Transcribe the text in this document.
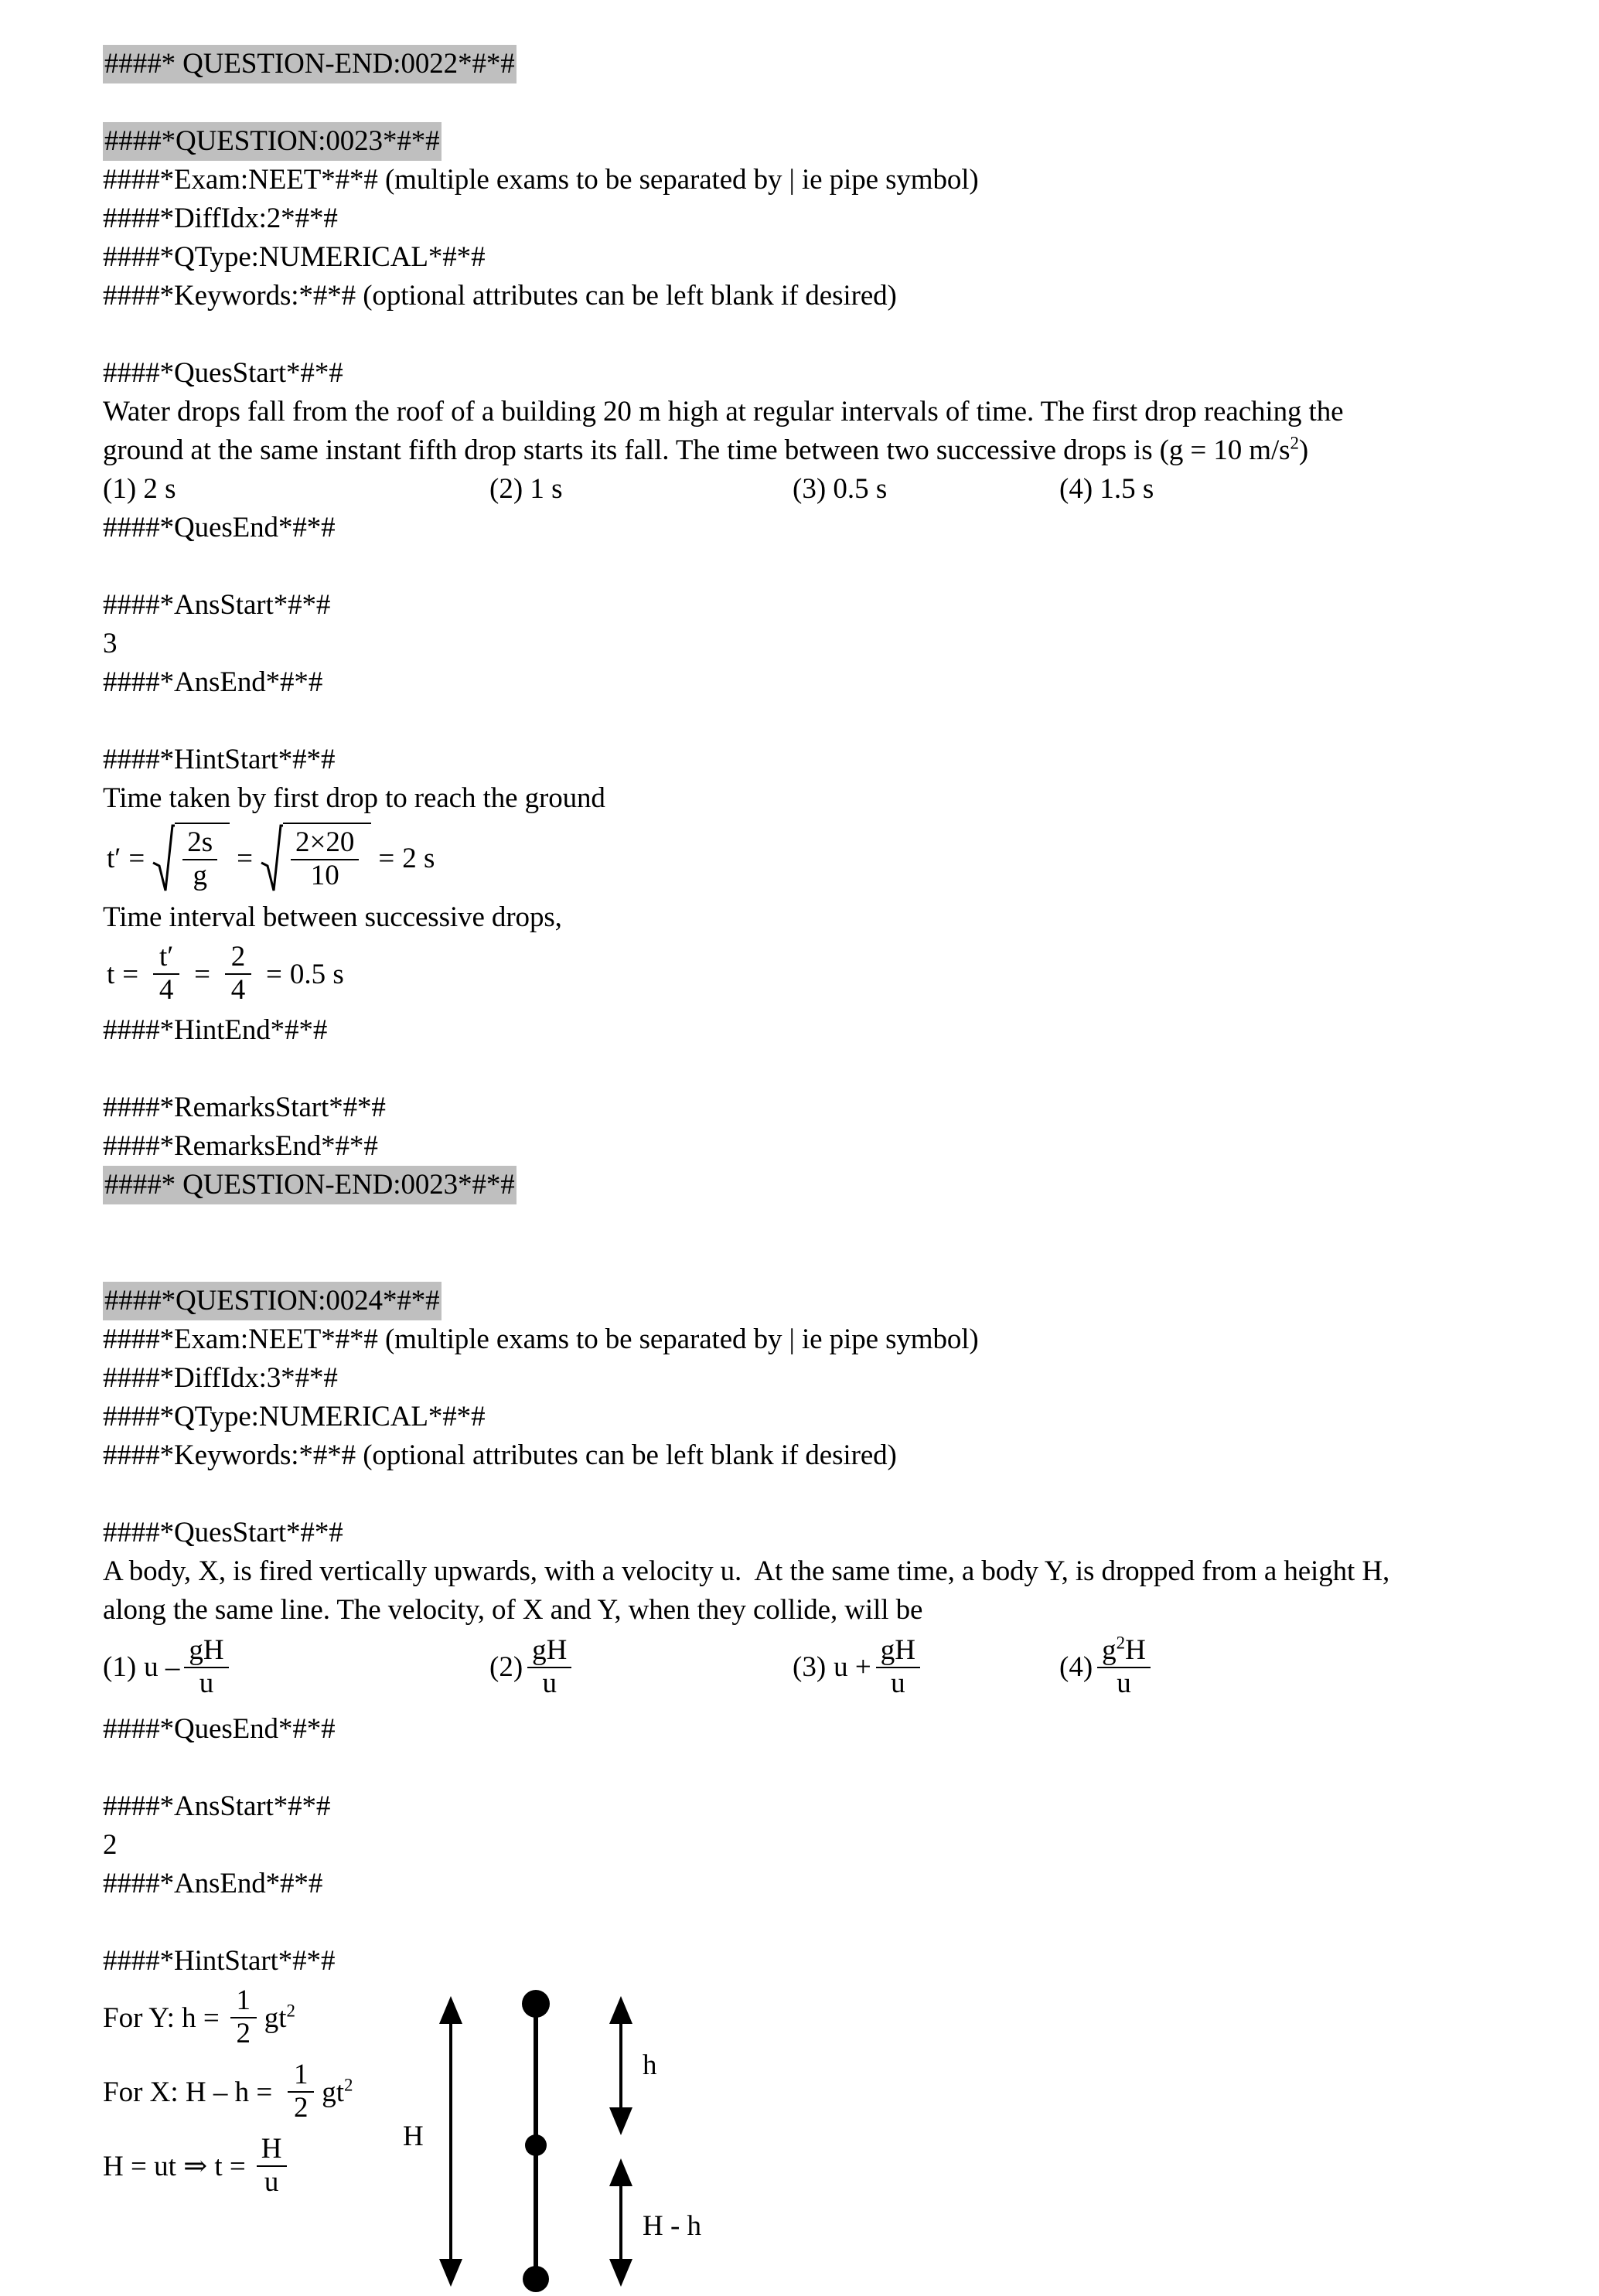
####* QUESTION-END:0022*#*#
####*QUESTION:0023*#*#
####*Exam:NEET*#*# (multiple exams to be separated by | ie pipe symbol)
####*DiffIdx:2*#*#
####*QType:NUMERICAL*#*#
####*Keywords:*#*# (optional attributes can be left blank if desired)
####*QuesStart*#*#
Water drops fall from the roof of a building 20 m high at regular intervals of time. The first drop reaching the
ground at the same instant fifth drop starts its fall. The time between two successive drops is (g = 10 $m/s^2$)
(1) 2 s	(2) 1 s	(3) 0.5 s	(4) 1.5 s
####*QuesEnd*#*#
####*AnsStart*#*#
3
####*AnsEnd*#*#
####*HintStart*#*#
Time taken by first drop to reach the ground
$t' = \frac{2s}{g} = \frac{2\times 20}{10} = 2$ s
Time interval between successive drops,
$t = \frac{t'}{4} = \frac{2}{4} = 0.5$ s
####*HintEnd*#*#
####*RemarksStart*#*#
####*RemarksEnd*#*#
####* QUESTION-END:0023*#*#
####*QUESTION:0024*#*#
####*Exam:NEET*#*# (multiple exams to be separated by | ie pipe symbol)
####*DiffIdx:3*#*#
####*QType:NUMERICAL*#*#
####*Keywords:*#*# (optional attributes can be left blank if desired)
####*QuesStart*#*#
A body, X, is fired vertically upwards, with a velocity u.  At the same time, a body Y, is dropped from a height H,
along the same line. The velocity, of X and Y, when they collide, will be
(1) u – $\frac{gH}{u}$	$(2) \frac{gH}{u}$	(3) $u + \frac{gH}{u}$	$(4) \frac{g^2H}{u}$
####*QuesEnd*#*#
####*AnsStart*#*#
2
####*AnsEnd*#*#
####*HintStart*#*#
H
h
H - h
For Y: $h = \frac{1}{2} gt^2$
For X: $H - h = \frac{1}{2} gt^2$
H = ut ⇒ $t = \frac{H}{u}$
